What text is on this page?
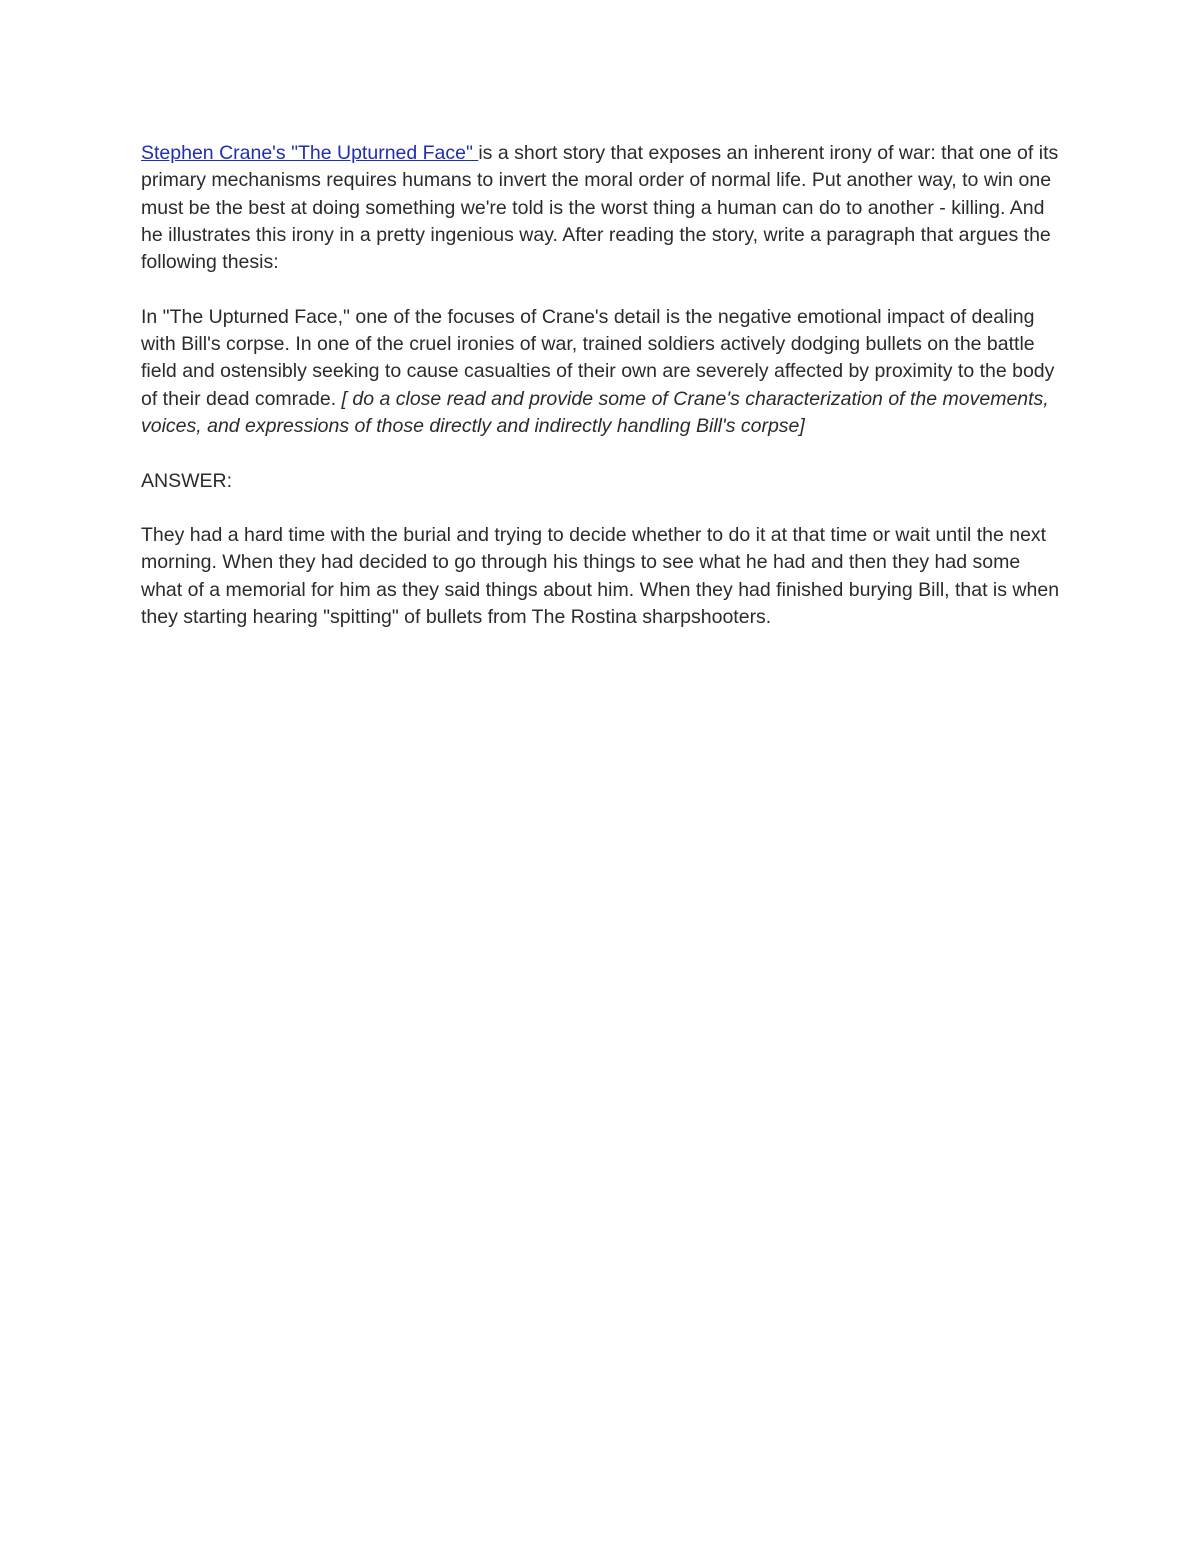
Stephen Crane's "The Upturned Face" is a short story that exposes an inherent irony of war: that one of its primary mechanisms requires humans to invert the moral order of normal life. Put another way, to win one must be the best at doing something we're told is the worst thing a human can do to another - killing. And he illustrates this irony in a pretty ingenious way. After reading the story, write a paragraph that argues the following thesis:

In "The Upturned Face," one of the focuses of Crane's detail is the negative emotional impact of dealing with Bill's corpse. In one of the cruel ironies of war, trained soldiers actively dodging bullets on the battle field and ostensibly seeking to cause casualties of their own are severely affected by proximity to the body of their dead comrade. [ do a close read and provide some of Crane's characterization of the movements, voices, and expressions of those directly and indirectly handling Bill's corpse]

ANSWER:

They had a hard time with the burial and trying to decide whether to do it at that time or wait until the next morning. When they had decided to go through his things to see what he had and then they had some what of a memorial for him as they said things about him. When they had finished burying Bill, that is when they starting hearing "spitting" of bullets from The Rostina sharpshooters.
